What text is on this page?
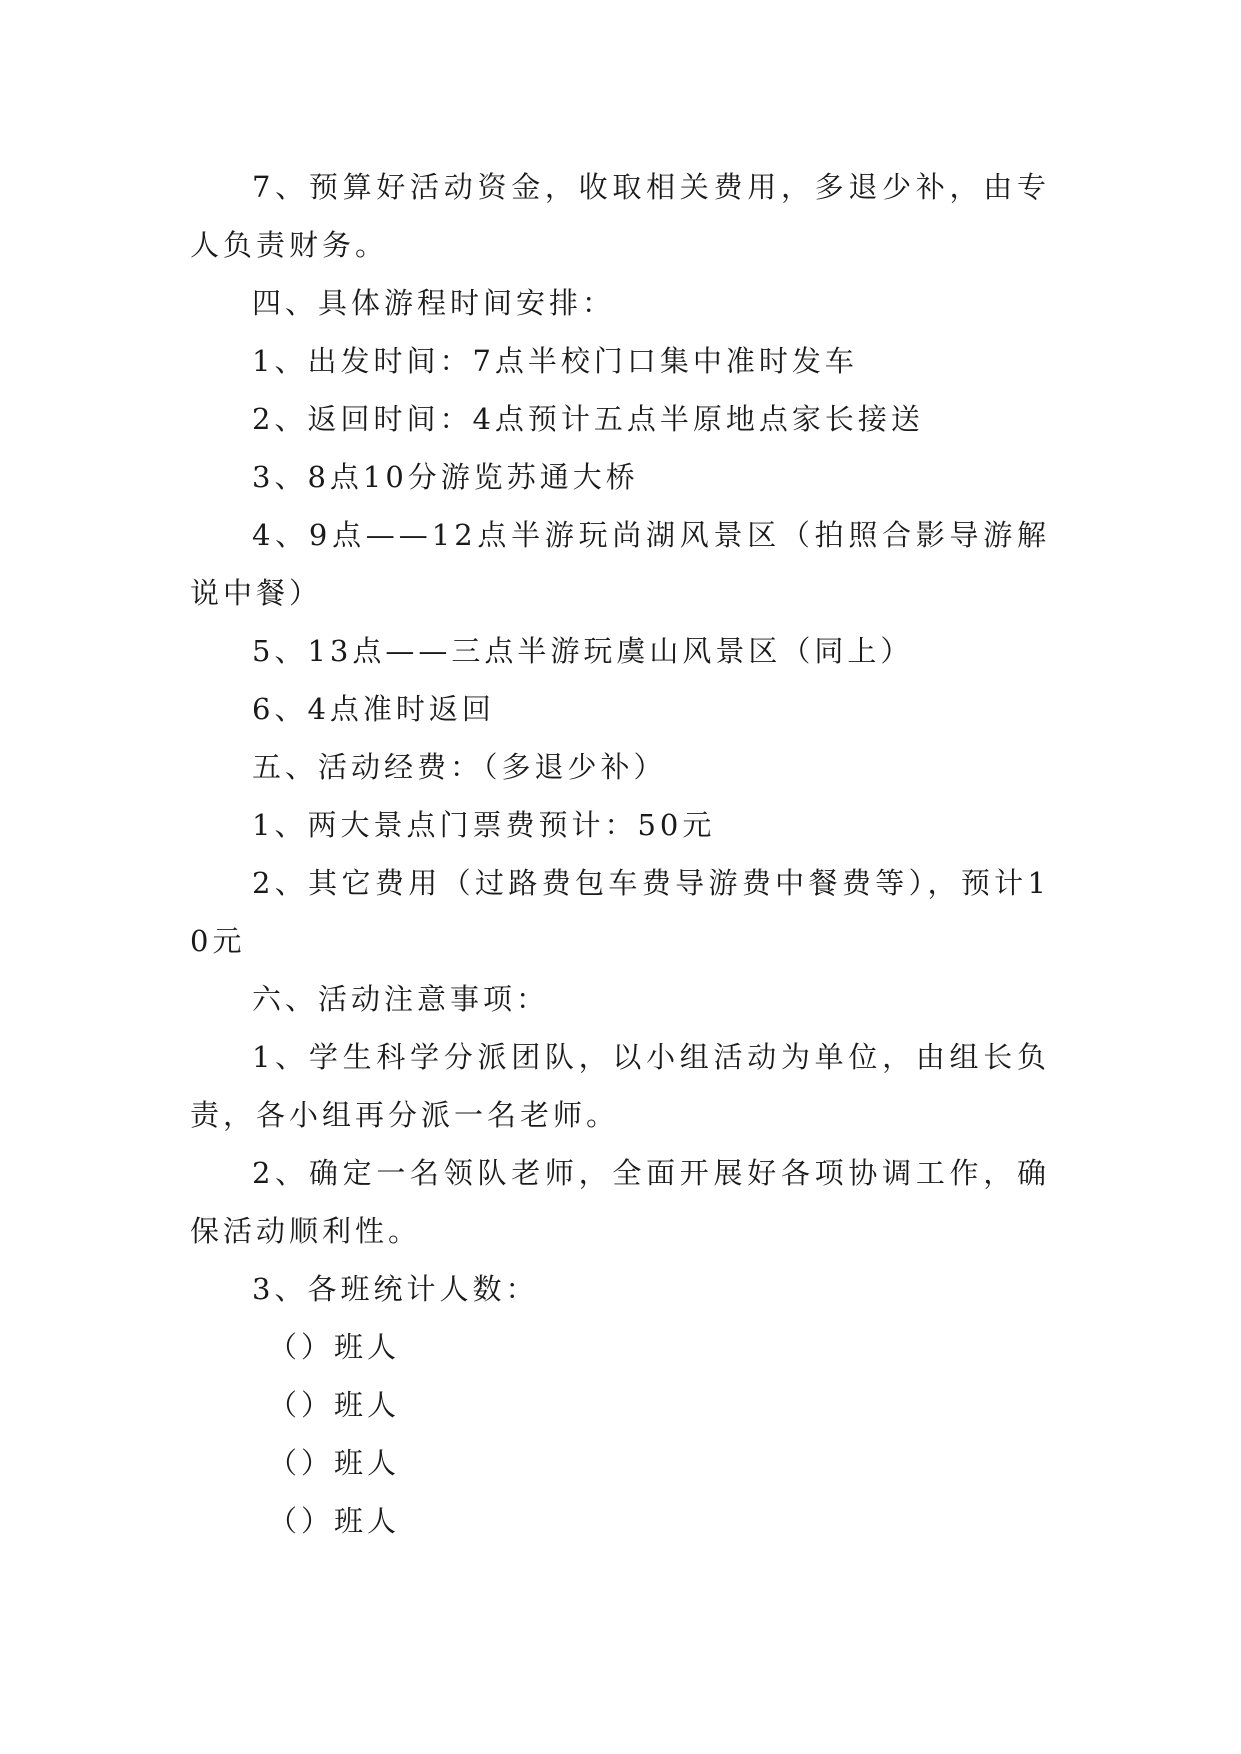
7、预算好活动资金，收取相关费用，多退少补，由专人负责财务。

四、具体游程时间安排：

1、出发时间：7点半校门口集中准时发车

2、返回时间：4点预计五点半原地点家长接送

3、8点10分游览苏通大桥

4、9点——12点半游玩尚湖风景区（拍照合影导游解说中餐）

5、13点——三点半游玩虞山风景区（同上）

6、4点准时返回

五、活动经费：（多退少补）

1、两大景点门票费预计：50元

2、其它费用（过路费包车费导游费中餐费等），预计10元

六、活动注意事项：

1、学生科学分派团队，以小组活动为单位，由组长负责，各小组再分派一名老师。

2、确定一名领队老师，全面开展好各项协调工作，确保活动顺利性。

3、各班统计人数：

（）班人

（）班人

（）班人

（）班人
